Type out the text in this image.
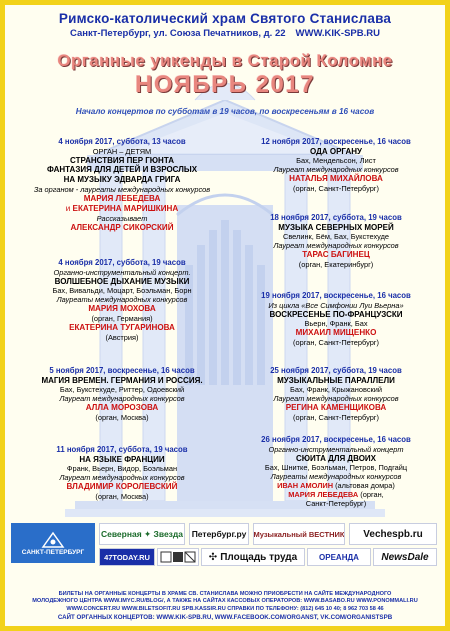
Римско-католический храм Святого Станислава
Санкт-Петербург, ул. Союза Печатников, д. 22 WWW.KIK-SPB.RU
Органные уикенды в Старой Коломне
НОЯБРЬ 2017
Начало концертов по субботам в 19 часов, по воскресеньям в 16 часов
4 ноября 2017, суббота, 13 часов
ОРГАН – ДЕТЯМ
СТРАНСТВИЯ ПЕР ГЮНТА
ФАНТАЗИЯ ДЛЯ ДЕТЕЙ И ВЗРОСЛЫХ
НА МУЗЫКУ ЭДВАРДА ГРИГА
За органом - лауреаты международных конкурсов
МАРИЯ ЛЕБЕДЕВА
и ЕКАТЕРИНА МАРИШКИНА
Рассказывает
АЛЕКСАНДР СИКОРСКИЙ
4 ноября 2017, суббота, 19 часов
Органно-инструментальный концерт.
ВОЛШЕБНОЕ ДЫХАНИЕ МУЗЫКИ
Бах, Вивальди, Моцарт, Боэльман, Борн
Лауреаты международных конкурсов
МАРИЯ МОХОВА
(орган, Германия)
ЕКАТЕРИНА ТУГАРИНОВА
(Австрия)
5 ноября 2017, воскресенье, 16 часов
МАГИЯ ВРЕМЕН. ГЕРМАНИЯ И РОССИЯ.
Бах, Букстехуде, Риттер, Одоевский
Лауреат международных конкурсов
АЛЛА МОРОЗОВА
(орган, Москва)
11 ноября 2017, суббота, 19 часов
НА ЯЗЫКЕ ФРАНЦИИ
Франк, Вьерн, Видор, Боэльман
Лауреат международных конкурсов
ВЛАДИМИР КОРОЛЕВСКИЙ
(орган, Москва)
12 ноября 2017, воскресенье, 16 часов
ОДА ОРГАНУ
Бах, Мендельсон, Лист
Лауреат международных конкурсов
НАТАЛЬЯ МИХАЙЛОВА
(орган, Санкт-Петербург)
18 ноября 2017, суббота, 19 часов
МУЗЫКА СЕВЕРНЫХ МОРЕЙ
Свелинк, Бём, Бах, Букстехуде
Лауреат международных конкурсов
ТАРАС БАГИНЕЦ
(орган, Екатеринбург)
19 ноября 2017, воскресенье, 16 часов
Из цикла «Все Симфонии Луи Вьерна»
ВОСКРЕСЕНЬЕ ПО-ФРАНЦУЗСКИ
Вьерн, Франк, Бах
МИХАИЛ МИЩЕНКО
(орган, Санкт-Петербург)
25 ноября 2017, суббота, 19 часов
МУЗЫКАЛЬНЫЕ ПАРАЛЛЕЛИ
Бах, Франк, Крыжановский
Лауреат международных конкурсов
РЕГИНА КАМЕНЩИКОВА
(орган, Санкт-Петербург)
26 ноября 2017, воскресенье, 16 часов
Органно-инструментальный концерт
СЮИТА ДЛЯ ДВОИХ
Бах, Шнитке, Боэльман, Петров, Подгайц
Лауреаты международных конкурсов
ИВАН АМОЛИН (альтовая домра)
МАРИЯ ЛЕБЕДЕВА (орган,
Санкт-Петербург)
САНКТ-ПЕТЕРБУРГ
Северная ✦ Звезда	Петербург.ру Музыкальный ВЕСТНИК	Vechespb.ru
47TODAY.RU	✣ Площадь труда	ОРЕАНДА	NewsDale
БИЛЕТЫ НА ОРГАННЫЕ КОНЦЕРТЫ В ХРАМЕ СВ. СТАНИСЛАВА МОЖНО ПРИОБРЕСТИ НА САЙТЕ МЕЖДУНАРОДНОГО
МОЛОДЕЖНОГО ЦЕНТРА WWW.IMYC.RU/BLOG/, А ТАКЖЕ НА САЙТАХ КАССОВЫХ ОПЕРАТОРОВ: WWW.BASABO.RU WWW.PONOMMALI.RU
WWW.CONCERT.RU WWW.BILETSOFIT.RU SPB.KASSIR.RU СПРАВКИ ПО ТЕЛЕФОНУ: (812) 645 10 40; 8 962 703 58 46
САЙТ ОРГАННЫХ КОНЦЕРТОВ: WWW.KIK-SPB.RU, WWW.FACEBOOK.COM/ORGANST, VK.COM/ORGANISTSPB
